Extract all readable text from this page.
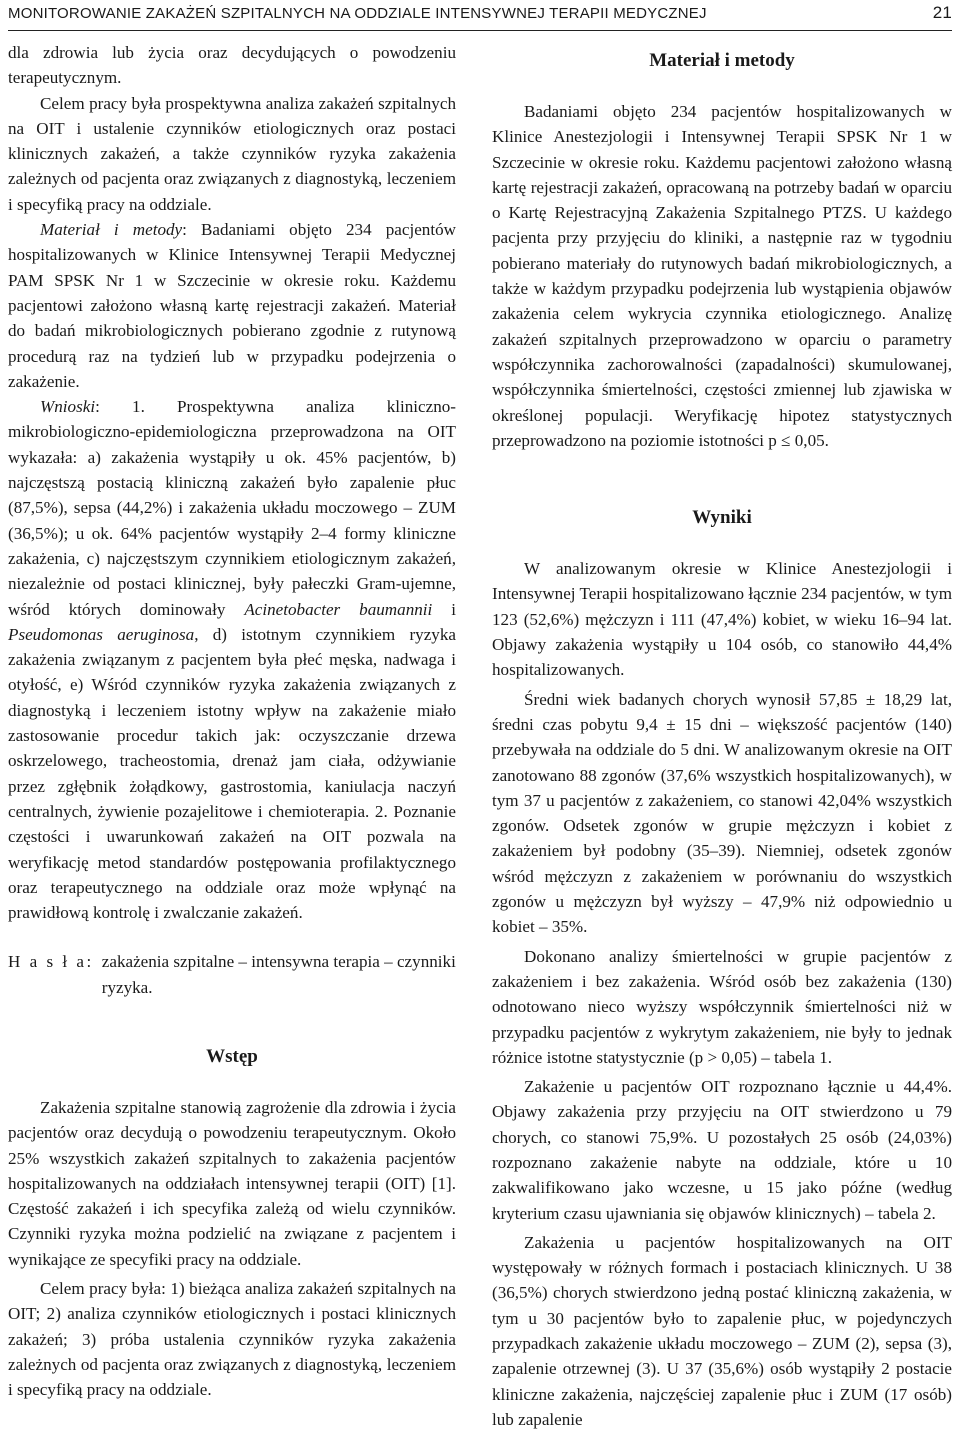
MONITOROWANIE ZAKAŻEŃ SZPITALNYCH NA ODDZIALE INTENSYWNEJ TERAPII MEDYCZNEJ	21

dla zdrowia lub życia oraz decydujących o powodzeniu terapeutycznym.

Celem pracy była prospektywna analiza zakażeń szpitalnych na OIT i ustalenie czynników etiologicznych oraz postaci klinicznych zakażeń, a także czynników ryzyka zakażenia zależnych od pacjenta oraz związanych z diagnostyką, leczeniem i specyfiką pracy na oddziale.

Materiał i metody: Badaniami objęto 234 pacjentów hospitalizowanych w Klinice Intensywnej Terapii Medycznej PAM SPSK Nr 1 w Szczecinie w okresie roku. Każdemu pacjentowi założono własną kartę rejestracji zakażeń. Materiał do badań mikrobiologicznych pobierano zgodnie z rutynową procedurą raz na tydzień lub w przypadku podejrzenia o zakażenie.

Wnioski: 1. Prospektywna analiza kliniczno-mikrobiologiczno-epidemiologiczna przeprowadzona na OIT wykazała: a) zakażenia wystąpiły u ok. 45% pacjentów, b) najczęstszą postacią kliniczną zakażeń było zapalenie płuc (87,5%), sepsa (44,2%) i zakażenia układu moczowego – ZUM (36,5%); u ok. 64% pacjentów wystąpiły 2–4 formy kliniczne zakażenia, c) najczęstszym czynnikiem etiologicznym zakażeń, niezależnie od postaci klinicznej, były pałeczki Gram-ujemne, wśród których dominowały Acinetobacter baumannii i Pseudomonas aeruginosa, d) istotnym czynnikiem ryzyka zakażenia związanym z pacjentem była płeć męska, nadwaga i otyłość, e) Wśród czynników ryzyka zakażenia związanych z diagnostyką i leczeniem istotny wpływ na zakażenie miało zastosowanie procedur takich jak: oczyszczanie drzewa oskrzelowego, tracheostomia, drenaż jam ciała, odżywianie przez zgłębnik żołądkowy, gastrostomia, kaniulacja naczyń centralnych, żywienie pozajelitowe i chemioterapia. 2. Poznanie częstości i uwarunkowań zakażeń na OIT pozwala na weryfikację metod standardów postępowania profilaktycznego oraz terapeutycznego na oddziale oraz może wpłynąć na prawidłową kontrolę i zwalczanie zakażeń.

H a s ł a: zakażenia szpitalne – intensywna terapia – czynniki ryzyka.
Wstęp

Zakażenia szpitalne stanowią zagrożenie dla zdrowia i życia pacjentów oraz decydują o powodzeniu terapeutycznym. Około 25% wszystkich zakażeń szpitalnych to zakażenia pacjentów hospitalizowanych na oddziałach intensywnej terapii (OIT) [1]. Częstość zakażeń i ich specyfika zależą od wielu czynników. Czynniki ryzyka można podzielić na związane z pacjentem i wynikające ze specyfiki pracy na oddziale.

Celem pracy była: 1) bieżąca analiza zakażeń szpitalnych na OIT; 2) analiza czynników etiologicznych i postaci klinicznych zakażeń; 3) próba ustalenia czynników ryzyka zakażenia zależnych od pacjenta oraz związanych z diagnostyką, leczeniem i specyfiką pracy na oddziale.

Materiał i metody

Badaniami objęto 234 pacjentów hospitalizowanych w Klinice Anestezjologii i Intensywnej Terapii SPSK Nr 1 w Szczecinie w okresie roku. Każdemu pacjentowi założono własną kartę rejestracji zakażeń, opracowaną na potrzeby badań w oparciu o Kartę Rejestracyjną Zakażenia Szpitalnego PTZS. U każdego pacjenta przy przyjęciu do kliniki, a następnie raz w tygodniu pobierano materiały do rutynowych badań mikrobiologicznych, a także w każdym przypadku podejrzenia lub wystąpienia objawów zakażenia celem wykrycia czynnika etiologicznego. Analizę zakażeń szpitalnych przeprowadzono w oparciu o parametry współczynnika zachorowalności (zapadalności) skumulowanej, współczynnika śmiertelności, częstości zmiennej lub zjawiska w określonej populacji. Weryfikację hipotez statystycznych przeprowadzono na poziomie istotności p ≤ 0,05.

Wyniki

W analizowanym okresie w Klinice Anestezjologii i Intensywnej Terapii hospitalizowano łącznie 234 pacjentów, w tym 123 (52,6%) mężczyzn i 111 (47,4%) kobiet, w wieku 16–94 lat. Objawy zakażenia wystąpiły u 104 osób, co stanowiło 44,4% hospitalizowanych.

Średni wiek badanych chorych wynosił 57,85 ± 18,29 lat, średni czas pobytu 9,4 ± 15 dni – większość pacjentów (140) przebywała na oddziale do 5 dni. W analizowanym okresie na OIT zanotowano 88 zgonów (37,6% wszystkich hospitalizowanych), w tym 37 u pacjentów z zakażeniem, co stanowi 42,04% wszystkich zgonów. Odsetek zgonów w grupie mężczyzn i kobiet z zakażeniem był podobny (35–39). Niemniej, odsetek zgonów wśród mężczyzn z zakażeniem w porównaniu do wszystkich zgonów u mężczyzn był wyższy – 47,9% niż odpowiednio u kobiet – 35%.

Dokonano analizy śmiertelności w grupie pacjentów z zakażeniem i bez zakażenia. Wśród osób bez zakażenia (130) odnotowano nieco wyższy współczynnik śmiertelności niż w przypadku pacjentów z wykrytym zakażeniem, nie były to jednak różnice istotne statystycznie (p > 0,05) – tabela 1.

Zakażenie u pacjentów OIT rozpoznano łącznie u 44,4%. Objawy zakażenia przy przyjęciu na OIT stwierdzono u 79 chorych, co stanowi 75,9%. U pozostałych 25 osób (24,03%) rozpoznano zakażenie nabyte na oddziale, które u 10 zakwalifikowano jako wczesne, u 15 jako późne (według kryterium czasu ujawniania się objawów klinicznych) – tabela 2.

Zakażenia u pacjentów hospitalizowanych na OIT występowały w różnych formach i postaciach klinicznych. U 38 (36,5%) chorych stwierdzono jedną postać kliniczną zakażenia, w tym u 30 pacjentów było to zapalenie płuc, w pojedynczych przypadkach zakażenie układu moczowego – ZUM (2), sepsa (3), zapalenie otrzewnej (3). U 37 (35,6%) osób wystąpiły 2 postacie kliniczne zakażenia, najczęściej zapalenie płuc i ZUM (17 osób) lub zapalenie
